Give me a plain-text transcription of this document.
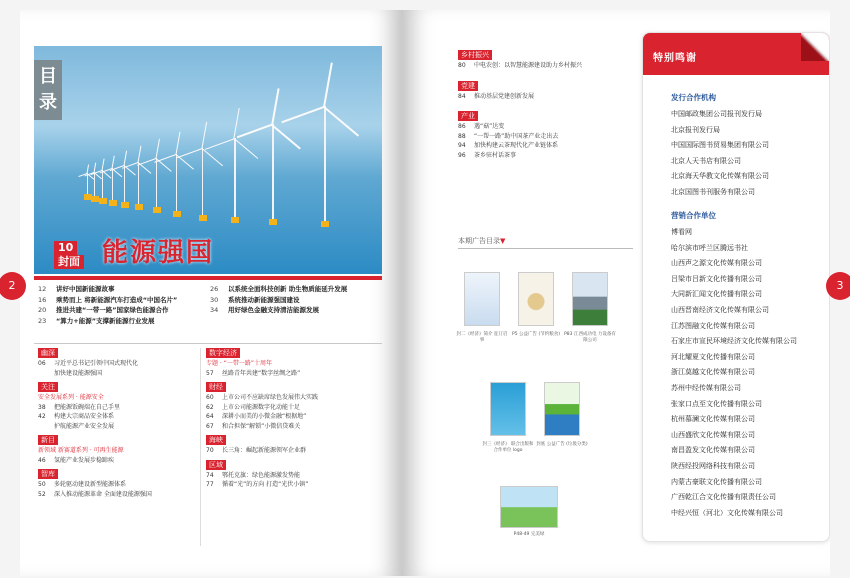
目录
10
封面 能源强国
12	讲好中国新能源故事
16	乘势而上 将新能源汽车打造成“中国名片”
20	推进共建“一带一路”国家绿色能源合作
23	“算力+能源”支撑新能源行业发展
26	以系统全面科技创新 助生物质能延升发展
30	系统推动新能源强国建设
34	用好绿色金融支持清洁能源发展
幽深
06	习近平总书记引领中国式现代化
加快建设能源强国
关注
安全发展系列 · 能源安全
38	把能源饭碗端在自己手里
42	构建大宗商品安全体系
护航能源产业安全发展
新目
新领域 新赛道系列 · 可再生能源
46	氢能产业发展步稳蹄疾
智库
50	多轮驱动建设新型能源体系
52	深入推动能源革命 全面建设能源强国
数字经济
专题 · “一带一路”十周年
57	丝路青年共建“数字丝绸之路”
财经
60	上市公司不应缺席绿色发展伟大实践
62	上市公司能源数字化动能十足
64	深耕小而美的小微金融“根据地”
67	和合担保“解锁”小微信贷难关
海峡
70	长三角：崛起新能源领军企业群
区域
74	鄂托克旗：绿色能源激发势能
77	循着“光”的方向 打造“光伏小镇”
乡村振兴
80	中电农创：以智慧能源建设助力乡村振兴
党建
84	推动基层党建创新发展
产业
86	遇“菇”达变
88	“一帮一路”助中国茶产业走出去
94	加快构建云茶现代化产业链体系
96	茶乡驻村话茶事
本期广告目录▼
封二《经济》简介 征订启事
P5 公益广告 (节约粮食) P83 江西成功电 力设备有限公司
封三《经济》 联合出版和 合作单位 logo
封底 公益广告 (垃圾分类)
P48-49 完美绿
特别鸣谢
发行合作机构
中国邮政集团公司报刊发行局
北京报刊发行局
中国国际图书贸易集团有限公司
北京人天书店有限公司
北京海天华教文化传媒有限公司
北京国图书刊服务有限公司
营销合作单位
博看网
哈尔滨市呼兰区腾远书社
山西声之源文化传媒有限公司
吕梁市吕新文化传播有限公司
大同新汇闻文化传播有限公司
山西晋南经济文化传媒有限公司
江苏图融文化传媒有限公司
石家庄市宣民环境经济文化传媒有限公司
河北耀夏文化传播有限公司
浙江莫越文化传媒有限公司
苏州中经传媒有限公司
张家口点至文化传播有限公司
杭州慕澜文化传媒有限公司
山西盛欣文化传媒有限公司
南昌盈发文化传媒有限公司
陕西经投网络科技有限公司
内蒙古豪联文化传播有限公司
广西乾江合文化传播有限责任公司
中经兴恒（河北）文化传媒有限公司
2	3
